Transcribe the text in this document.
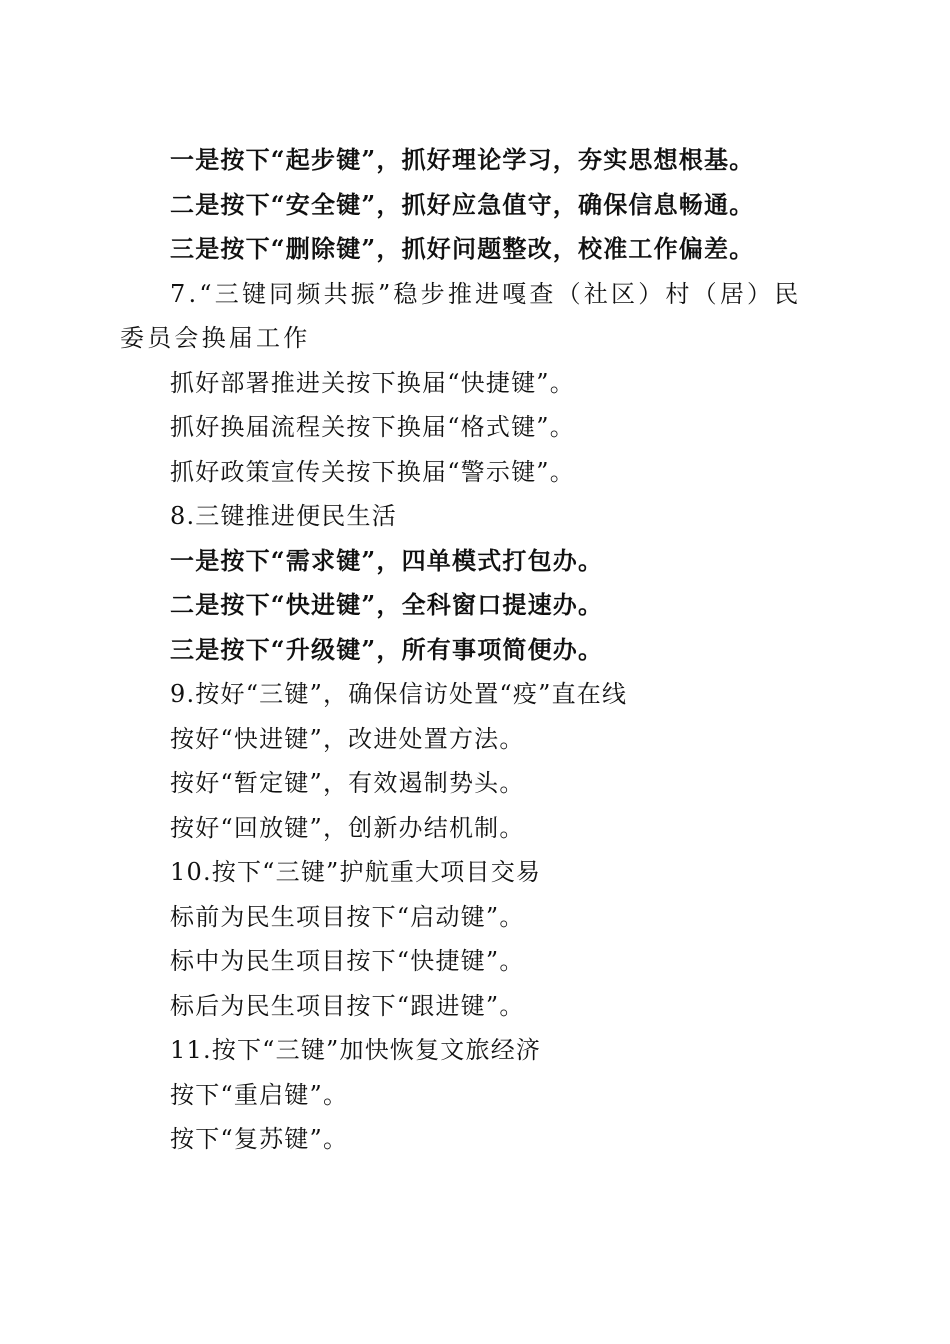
一是按下“起步键”，抓好理论学习，夯实思想根基。
二是按下“安全键”，抓好应急值守，确保信息畅通。
三是按下“删除键”，抓好问题整改，校准工作偏差。
7.“三键同频共振”稳步推进嘎查（社区）村（居）民委员会换届工作
抓好部署推进关按下换届“快捷键”。
抓好换届流程关按下换届“格式键”。
抓好政策宣传关按下换届“警示键”。
8.三键推进便民生活
一是按下“需求键”，四单模式打包办。
二是按下“快进键”，全科窗口提速办。
三是按下“升级键”，所有事项简便办。
9.按好“三键”，确保信访处置“疫”直在线
按好“快进键”，改进处置方法。
按好“暂定键”，有效遏制势头。
按好“回放键”，创新办结机制。
10.按下“三键”护航重大项目交易
标前为民生项目按下“启动键”。
标中为民生项目按下“快捷键”。
标后为民生项目按下“跟进键”。
11.按下“三键”加快恢复文旅经济
按下“重启键”。
按下“复苏键”。
